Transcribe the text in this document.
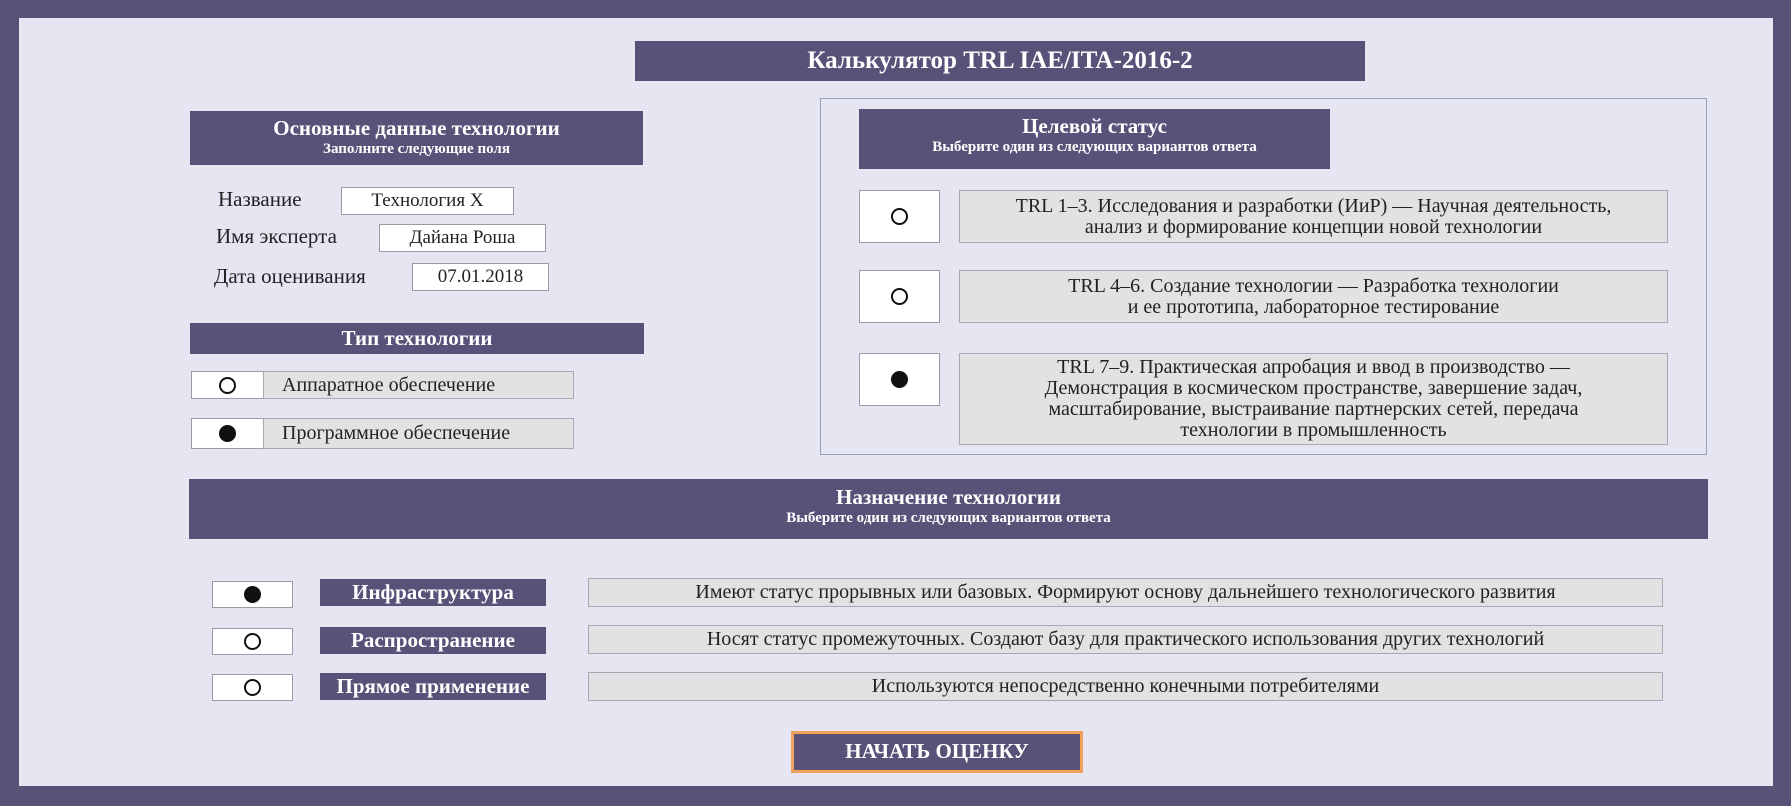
Калькулятор TRL IAE/ITA-2016-2
Основные данные технологии
Заполните следующие поля
Название	Технология X
Имя эксперта	Дайана Роша
Дата оценивания	07.01.2018
Тип технологии
Аппаратное обеспечение
Программное обеспечение
Целевой статус
Выберите один из следующих вариантов ответа
TRL 1–3. Исследования и разработки (ИиР) — Научная деятельность,
анализ и формирование концепции новой технологии
TRL 4–6. Создание технологии — Разработка технологии
и ее прототипа, лабораторное тестирование
TRL 7–9. Практическая апробация и ввод в производство —
Демонстрация в космическом пространстве, завершение задач,
масштабирование, выстраивание партнерских сетей, передача
технологии в промышленность
Назначение технологии
Выберите один из следующих вариантов ответа
Инфраструктура	Имеют статус прорывных или базовых. Формируют основу дальнейшего технологического развития
Распространение	Носят статус промежуточных. Создают базу для практического использования других технологий
Прямое применение	Используются непосредственно конечными потребителями
НАЧАТЬ ОЦЕНКУ
